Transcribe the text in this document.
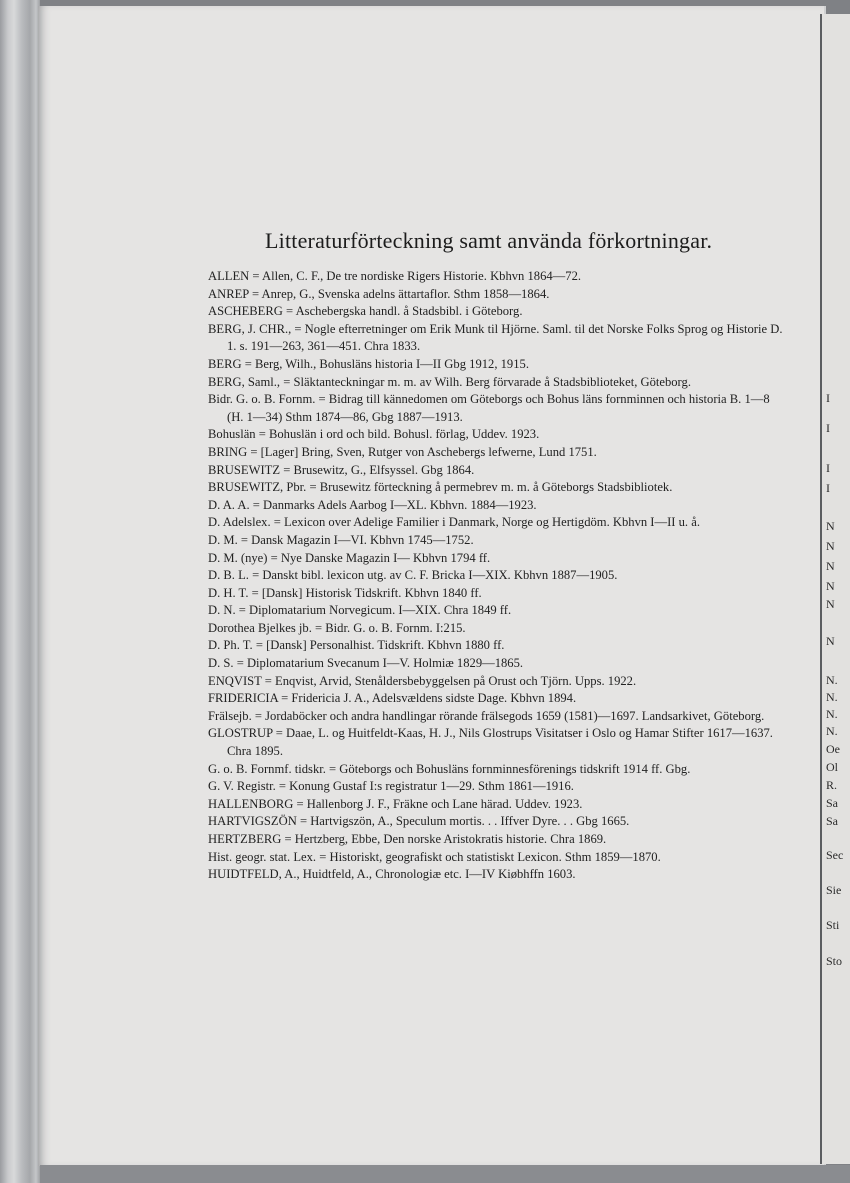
Litteraturförteckning samt använda förkortningar.

ALLEN = Allen, C. F., De tre nordiske Rigers Historie. Kbhvn 1864—72.

ANREP = Anrep, G., Svenska adelns ättartaflor. Sthm 1858—1864.

ASCHEBERG = Aschebergska handl. å Stadsbibl. i Göteborg.

BERG, J. CHR., = Nogle efterretninger om Erik Munk til Hjörne. Saml. til det Norske Folks Sprog og Historie D. 1. s. 191—263, 361—451. Chra 1833.

BERG = Berg, Wilh., Bohusläns historia I—II Gbg 1912, 1915.

BERG, Saml., = Släktanteckningar m. m. av Wilh. Berg förvarade å Stadsbiblioteket, Göteborg.

Bidr. G. o. B. Fornm. = Bidrag till kännedomen om Göteborgs och Bohus läns fornminnen och historia B. 1—8 (H. 1—34) Sthm 1874—86, Gbg 1887—1913.

Bohuslän = Bohuslän i ord och bild. Bohusl. förlag, Uddev. 1923.

BRING = [Lager] Bring, Sven, Rutger von Aschebergs lefwerne, Lund 1751.

BRUSEWITZ = Brusewitz, G., Elfsyssel. Gbg 1864.

BRUSEWITZ, Pbr. = Brusewitz förteckning å permebrev m. m. å Göteborgs Stadsbibliotek.

D. A. A. = Danmarks Adels Aarbog I—XL. Kbhvn. 1884—1923.

D. Adelslex. = Lexicon over Adelige Familier i Danmark, Norge og Hertigdöm. Kbhvn I—II u. å.

D. M. = Dansk Magazin I—VI. Kbhvn 1745—1752.

D. M. (nye) = Nye Danske Magazin I— Kbhvn 1794 ff.

D. B. L. = Danskt bibl. lexicon utg. av C. F. Bricka I—XIX. Kbhvn 1887—1905.

D. H. T. = [Dansk] Historisk Tidskrift. Kbhvn 1840 ff.

D. N. = Diplomatarium Norvegicum. I—XIX. Chra 1849 ff.

Dorothea Bjelkes jb. = Bidr. G. o. B. Fornm. I:215.

D. Ph. T. = [Dansk] Personalhist. Tidskrift. Kbhvn 1880 ff.

D. S. = Diplomatarium Svecanum I—V. Holmiæ 1829—1865.

ENQVIST = Enqvist, Arvid, Stenåldersbebyggelsen på Orust och Tjörn. Upps. 1922.

FRIDERICIA = Fridericia J. A., Adelsvældens sidste Dage. Kbhvn 1894.

Frälsejb. = Jordaböcker och andra handlingar rörande frälsegods 1659 (1581)—1697. Landsarkivet, Göteborg.

GLOSTRUP = Daae, L. og Huitfeldt-Kaas, H. J., Nils Glostrups Visitatser i Oslo og Hamar Stifter 1617—1637. Chra 1895.

G. o. B. Fornmf. tidskr. = Göteborgs och Bohusläns fornminnesförenings tidskrift 1914 ff. Gbg.

G. V. Registr. = Konung Gustaf I:s registratur 1—29. Sthm 1861—1916.

HALLENBORG = Hallenborg J. F., Fräkne och Lane härad. Uddev. 1923.

HARTVIGSZÖN = Hartvigszön, A., Speculum mortis. . . Iffver Dyre. . . Gbg 1665.

HERTZBERG = Hertzberg, Ebbe, Den norske Aristokratis historie. Chra 1869.

Hist. geogr. stat. Lex. = Historiskt, geografiskt och statistiskt Lexicon. Sthm 1859—1870.

HUIDTFELD, A., Huidtfeld, A., Chronologiæ etc. I—IV Kiøbhffn 1603.

I
I
I
I
N
N
N
N
N
N
N.
N.
N.
N.
Oe
Ol
R.
Sa
Sa
Sec
Sie
Sti
Sto
